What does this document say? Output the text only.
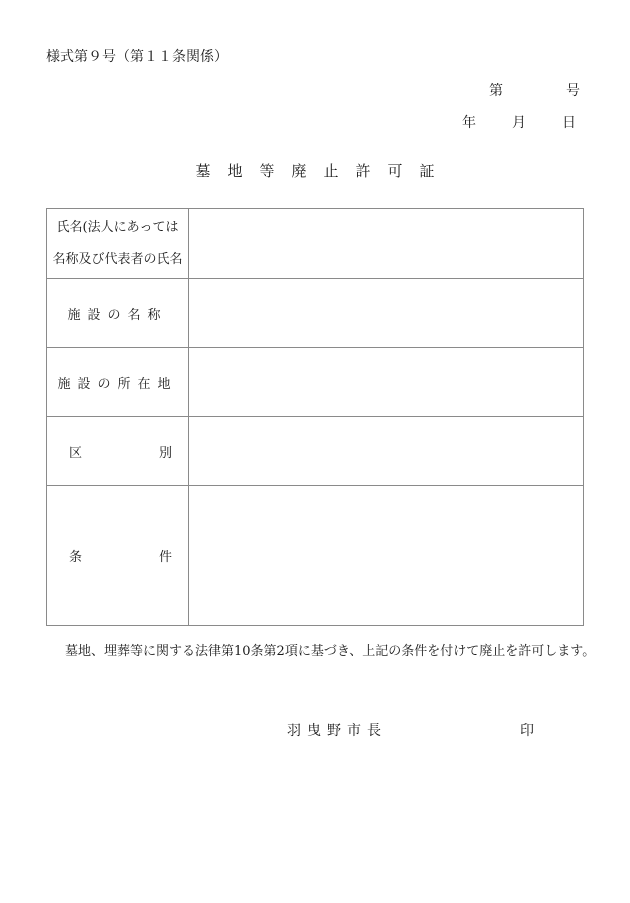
様式第９号（第１１条関係）
第	号
年	月	日
墓地等廃止許可証
氏名(法人にあっては
名称及び代表者の氏名	

施設の名称	
施設の所在地	

区 別	

条 件	

墓地、埋葬等に関する法律第10条第2項に基づき、上記の条件を付けて廃止を許可します。
羽曳野市長	印
